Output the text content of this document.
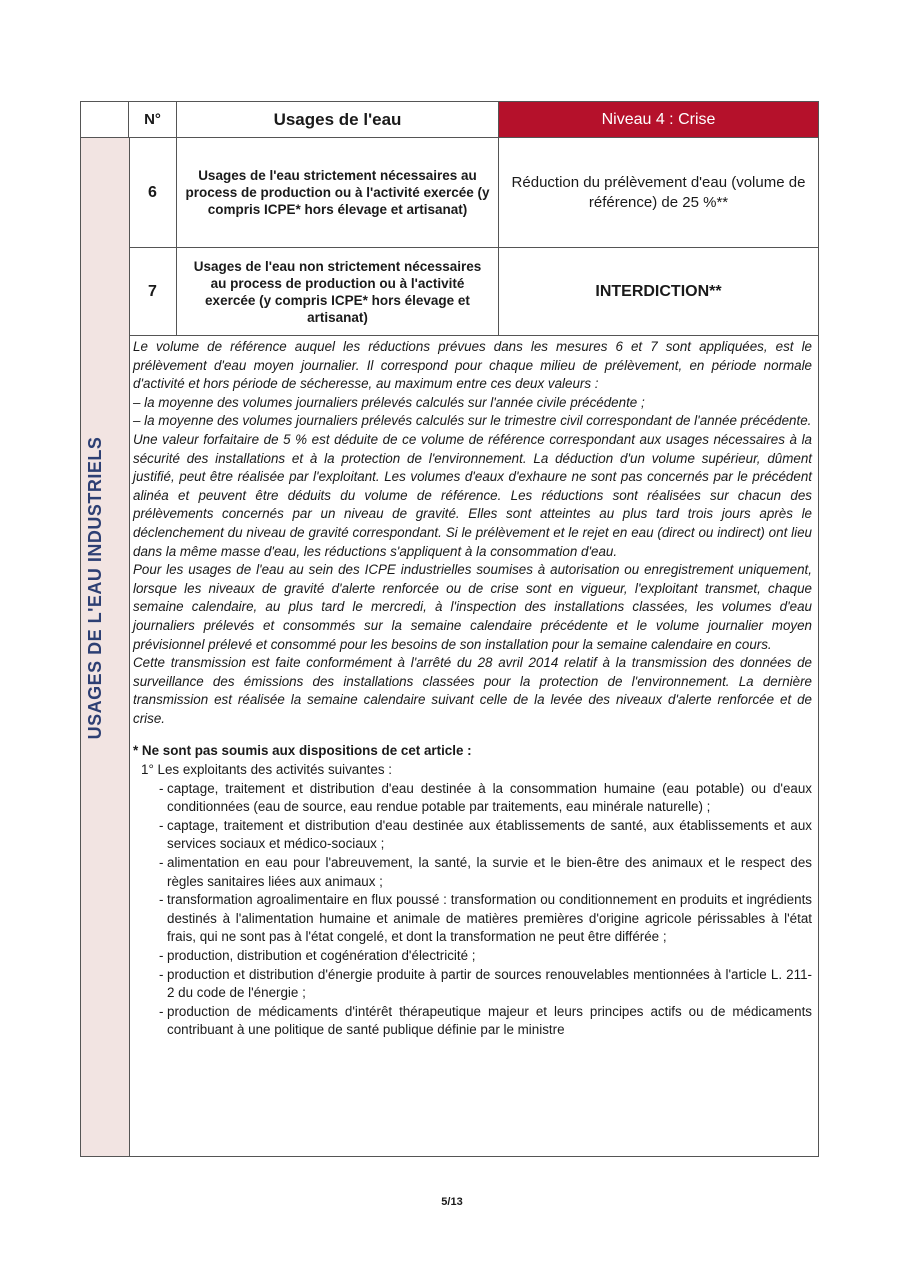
USAGES DE L'EAU INDUSTRIELS
N°	Usages de l'eau	Niveau 4 : Crise
6
Usages de l'eau strictement nécessaires au process de production ou à l'activité exercée (y compris ICPE* hors élevage et artisanat)
Réduction du prélèvement d'eau (volume de référence) de 25 %**
7
Usages de l'eau non strictement nécessaires au process de production ou à l'activité exercée (y compris ICPE* hors élevage et artisanat)
INTERDICTION**

Le volume de référence auquel les réductions prévues dans les mesures 6 et 7 sont appliquées, est le prélèvement d'eau moyen journalier. Il correspond pour chaque milieu de prélèvement, en période normale d'activité et hors période de sécheresse, au maximum entre ces deux valeurs :

– la moyenne des volumes journaliers prélevés calculés sur l'année civile précédente ;

– la moyenne des volumes journaliers prélevés calculés sur le trimestre civil correspondant de l'année précédente.

Une valeur forfaitaire de 5 % est déduite de ce volume de référence correspondant aux usages nécessaires à la sécurité des installations et à la protection de l'environnement. La déduction d'un volume supérieur, dûment justifié, peut être réalisée par l'exploitant. Les volumes d'eaux d'exhaure ne sont pas concernés par le précédent alinéa et peuvent être déduits du volume de référence. Les réductions sont réalisées sur chacun des prélèvements concernés par un niveau de gravité. Elles sont atteintes au plus tard trois jours après le déclenchement du niveau de gravité correspondant. Si le prélèvement et le rejet en eau (direct ou indirect) ont lieu dans la même masse d'eau, les réductions s'appliquent à la consommation d'eau.

Pour les usages de l'eau au sein des ICPE industrielles soumises à autorisation ou enregistrement uniquement, lorsque les niveaux de gravité d'alerte renforcée ou de crise sont en vigueur, l'exploitant transmet, chaque semaine calendaire, au plus tard le mercredi, à l'inspection des installations classées, les volumes d'eau journaliers prélevés et consommés sur la semaine calendaire précédente et le volume journalier moyen prévisionnel prélevé et consommé pour les besoins de son installation pour la semaine calendaire en cours.

Cette transmission est faite conformément à l'arrêté du 28 avril 2014 relatif à la transmission des données de surveillance des émissions des installations classées pour la protection de l'environnement. La dernière transmission est réalisée la semaine calendaire suivant celle de la levée des niveaux d'alerte renforcée et de crise.

* Ne sont pas soumis aux dispositions de cet article :

1° Les exploitants des activités suivantes :

- captage, traitement et distribution d'eau destinée à la consommation humaine (eau potable) ou d'eaux conditionnées (eau de source, eau rendue potable par traitements, eau minérale naturelle) ;
- captage, traitement et distribution d'eau destinée aux établissements de santé, aux établissements et aux services sociaux et médico-sociaux ;
- alimentation en eau pour l'abreuvement, la santé, la survie et le bien-être des animaux et le respect des règles sanitaires liées aux animaux ;
- transformation agroalimentaire en flux poussé : transformation ou conditionnement en produits et ingrédients destinés à l'alimentation humaine et animale de matières premières d'origine agricole périssables à l'état frais, qui ne sont pas à l'état congelé, et dont la transformation ne peut être différée ;
- production, distribution et cogénération d'électricité ;
- production et distribution d'énergie produite à partir de sources renouvelables mentionnées à l'article L. 211-2 du code de l'énergie ;
- production de médicaments d'intérêt thérapeutique majeur et leurs principes actifs ou de médicaments contribuant à une politique de santé publique définie par le ministre
5/13
